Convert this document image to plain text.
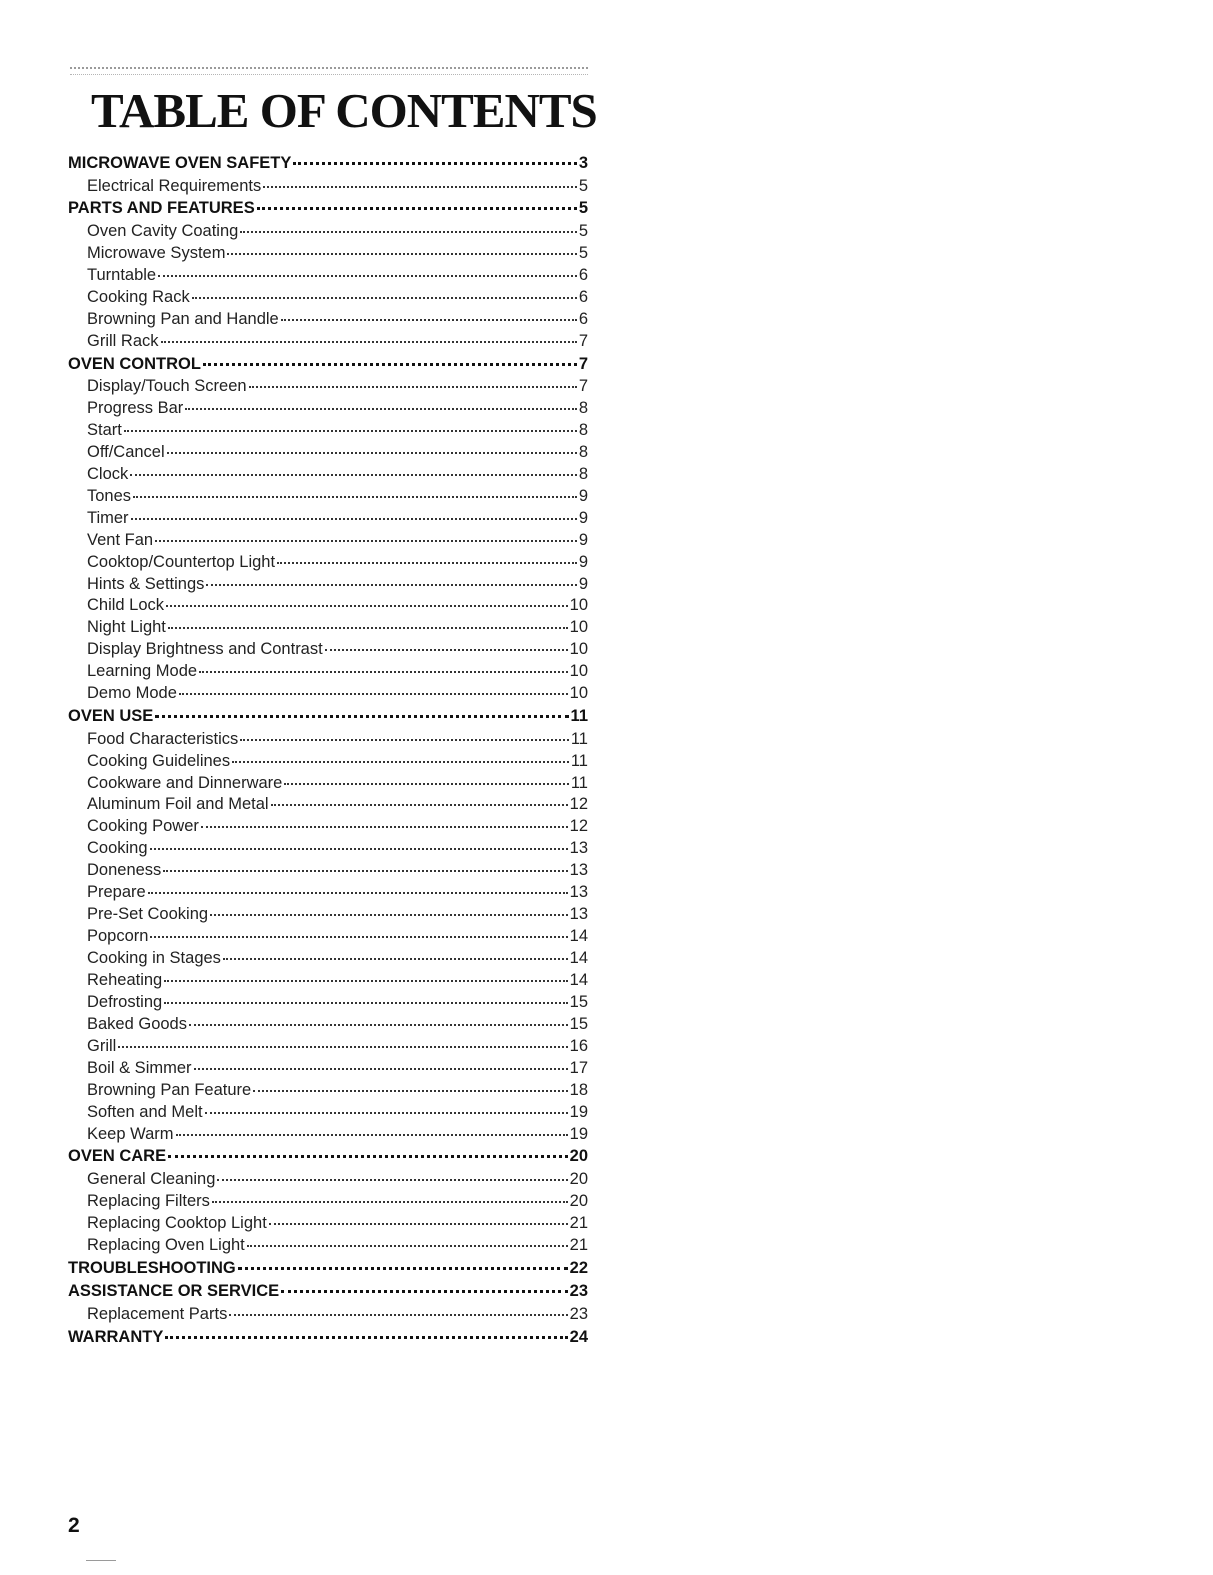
TABLE OF CONTENTS
MICROWAVE OVEN SAFETY	3
Electrical Requirements	5
PARTS AND FEATURES	5
Oven Cavity Coating	5
Microwave System	5
Turntable	6
Cooking Rack	6
Browning Pan and Handle	6
Grill Rack	7
OVEN CONTROL	7
Display/Touch Screen	7
Progress Bar	8
Start	8
Off/Cancel	8
Clock	8
Tones	9
Timer	9
Vent Fan	9
Cooktop/Countertop Light	9
Hints & Settings	9
Child Lock	10
Night Light	10
Display Brightness and Contrast	10
Learning Mode	10
Demo Mode	10
OVEN USE	11
Food Characteristics	11
Cooking Guidelines	11
Cookware and Dinnerware	11
Aluminum Foil and Metal	12
Cooking Power	12
Cooking	13
Doneness	13
Prepare	13
Pre-Set Cooking	13
Popcorn	14
Cooking in Stages	14
Reheating	14
Defrosting	15
Baked Goods	15
Grill	16
Boil & Simmer	17
Browning Pan Feature	18
Soften and Melt	19
Keep Warm	19
OVEN CARE	20
General Cleaning	20
Replacing Filters	20
Replacing Cooktop Light	21
Replacing Oven Light	21
TROUBLESHOOTING	22
ASSISTANCE OR SERVICE	23
Replacement Parts	23
WARRANTY	24
2
